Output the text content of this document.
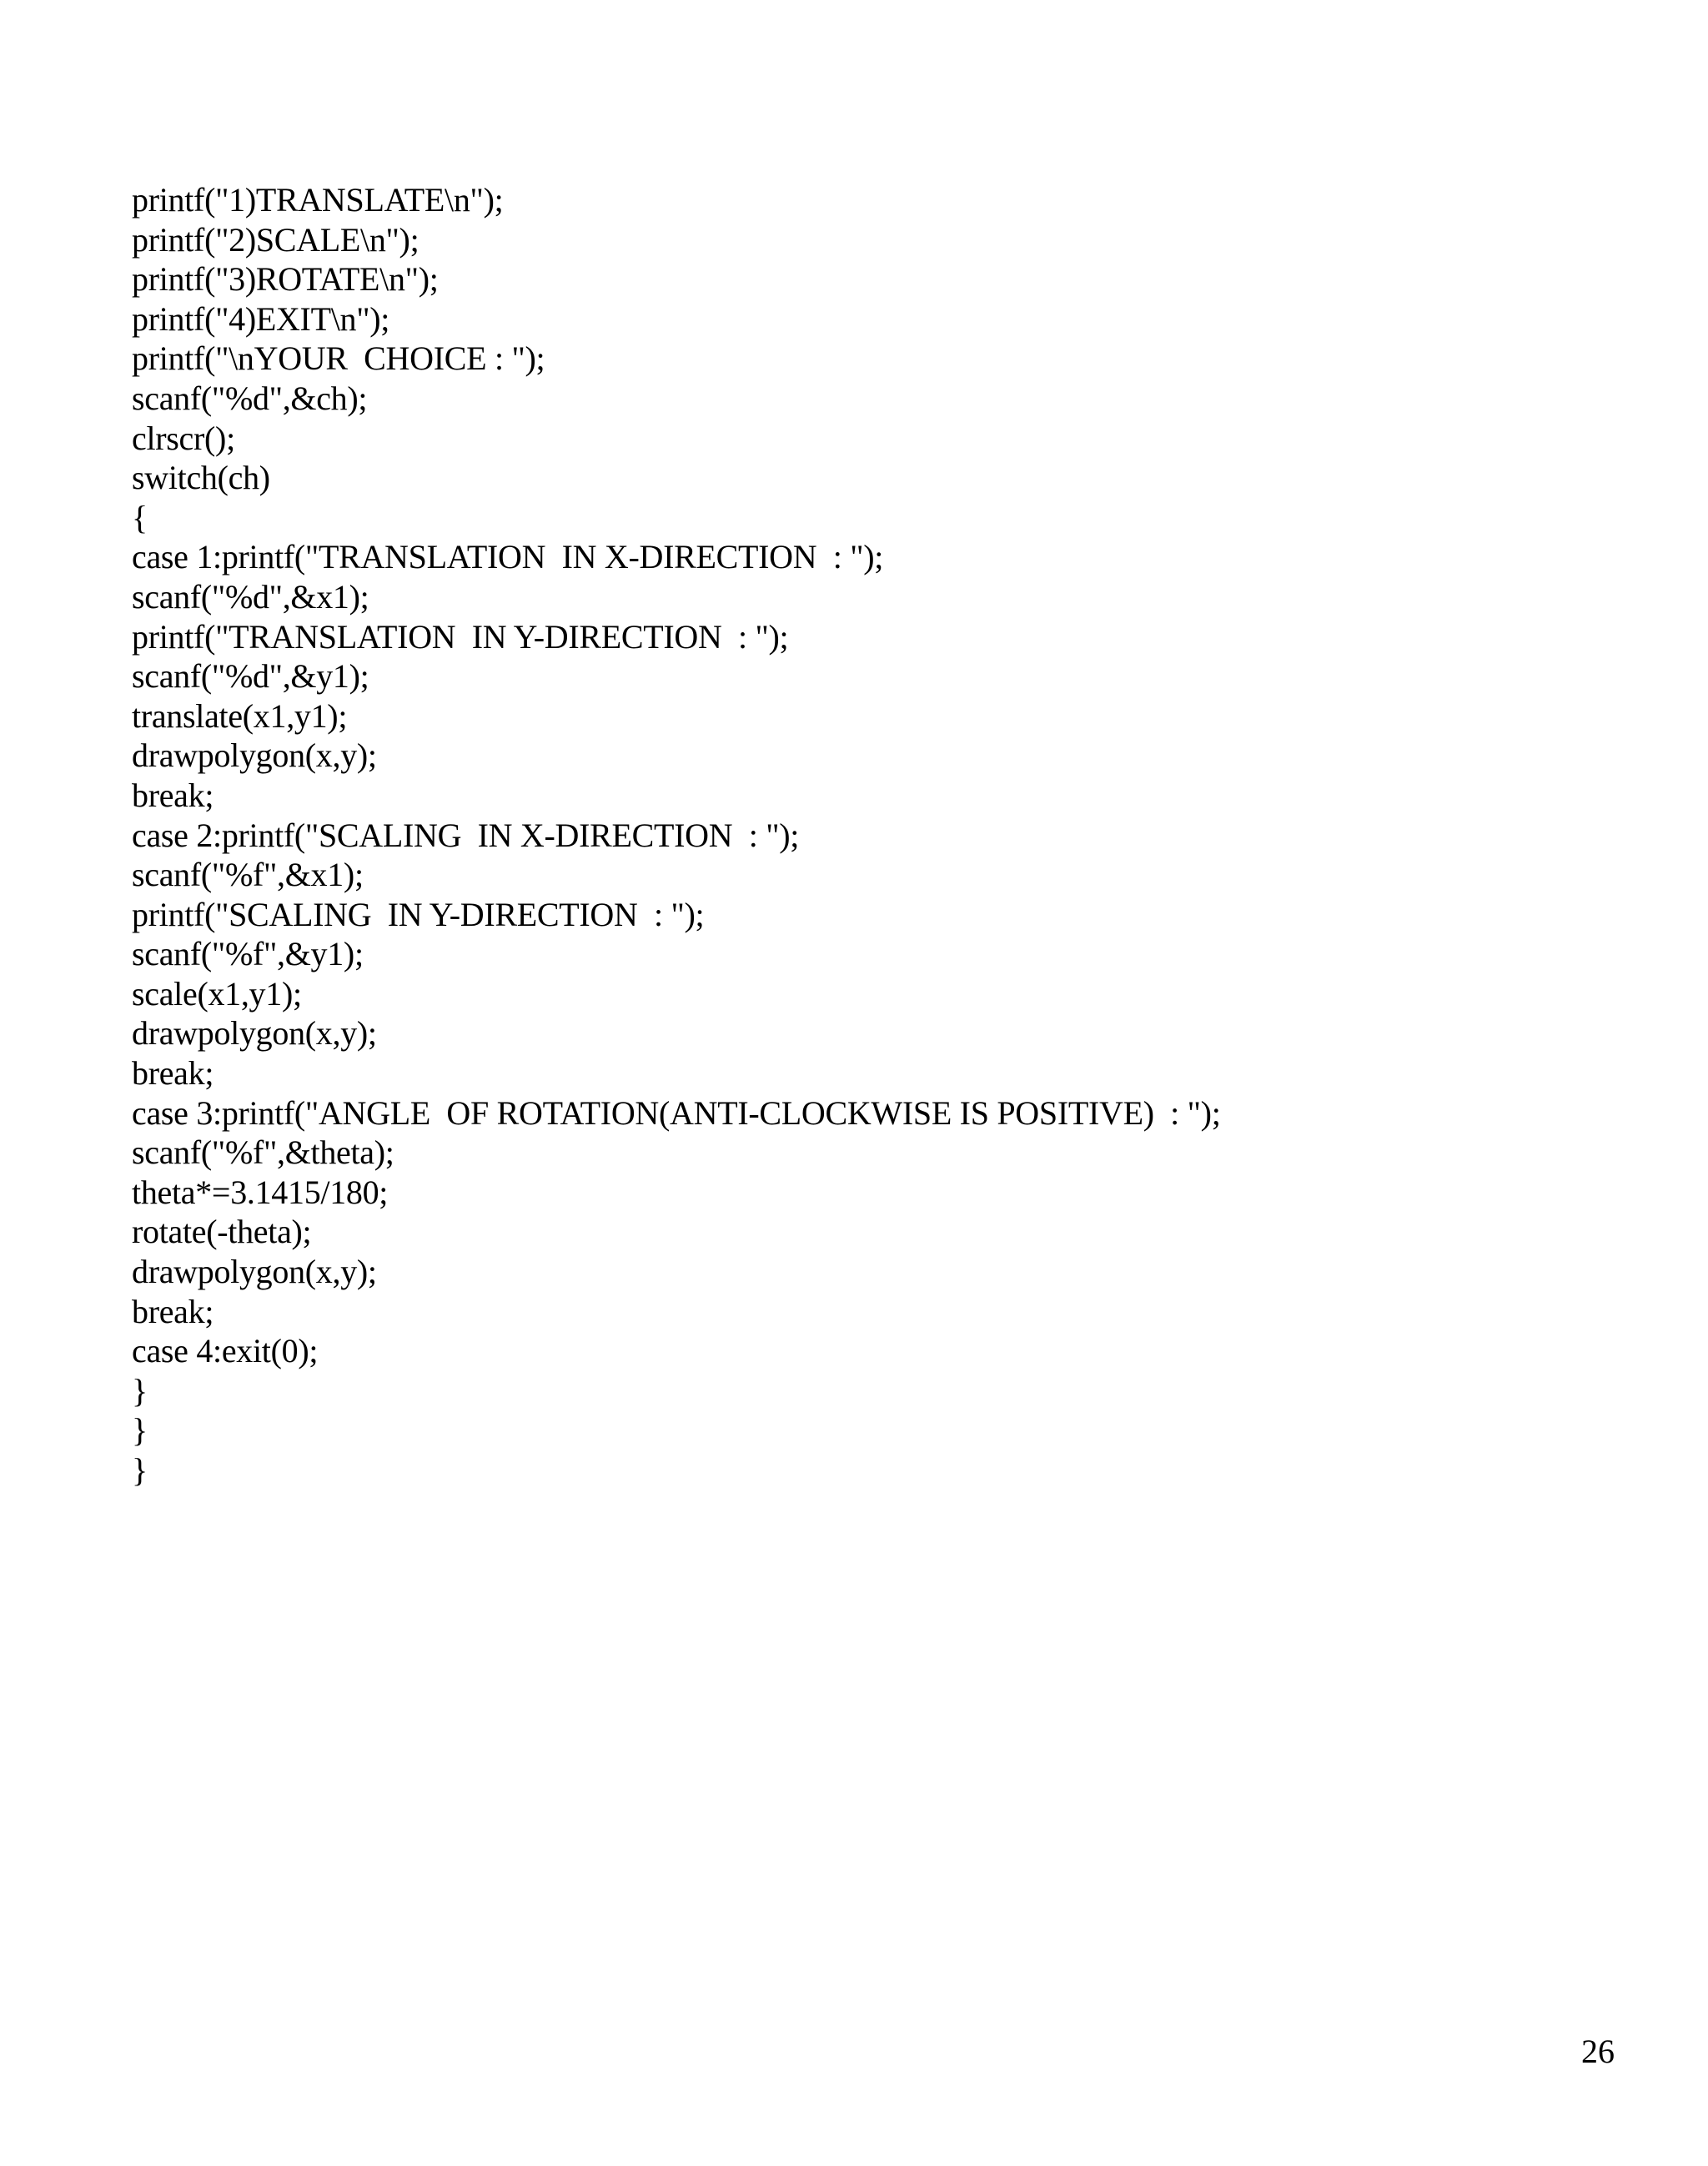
printf("1)TRANSLATE\n");
printf("2)SCALE\n");
printf("3)ROTATE\n");
printf("4)EXIT\n");
printf("\nYOUR  CHOICE : ");
scanf("%d",&ch);
clrscr();
switch(ch)
{
case 1:printf("TRANSLATION  IN X-DIRECTION  : ");
scanf("%d",&x1);
printf("TRANSLATION  IN Y-DIRECTION  : ");
scanf("%d",&y1);
translate(x1,y1);
drawpolygon(x,y);
break;
case 2:printf("SCALING  IN X-DIRECTION  : ");
scanf("%f",&x1);
printf("SCALING  IN Y-DIRECTION  : ");
scanf("%f",&y1);
scale(x1,y1);
drawpolygon(x,y);
break;
case 3:printf("ANGLE  OF ROTATION(ANTI-CLOCKWISE IS POSITIVE)  : ");
scanf("%f",&theta);
theta*=3.1415/180;
rotate(-theta);
drawpolygon(x,y);
break;
case 4:exit(0);
}
}
}
26
